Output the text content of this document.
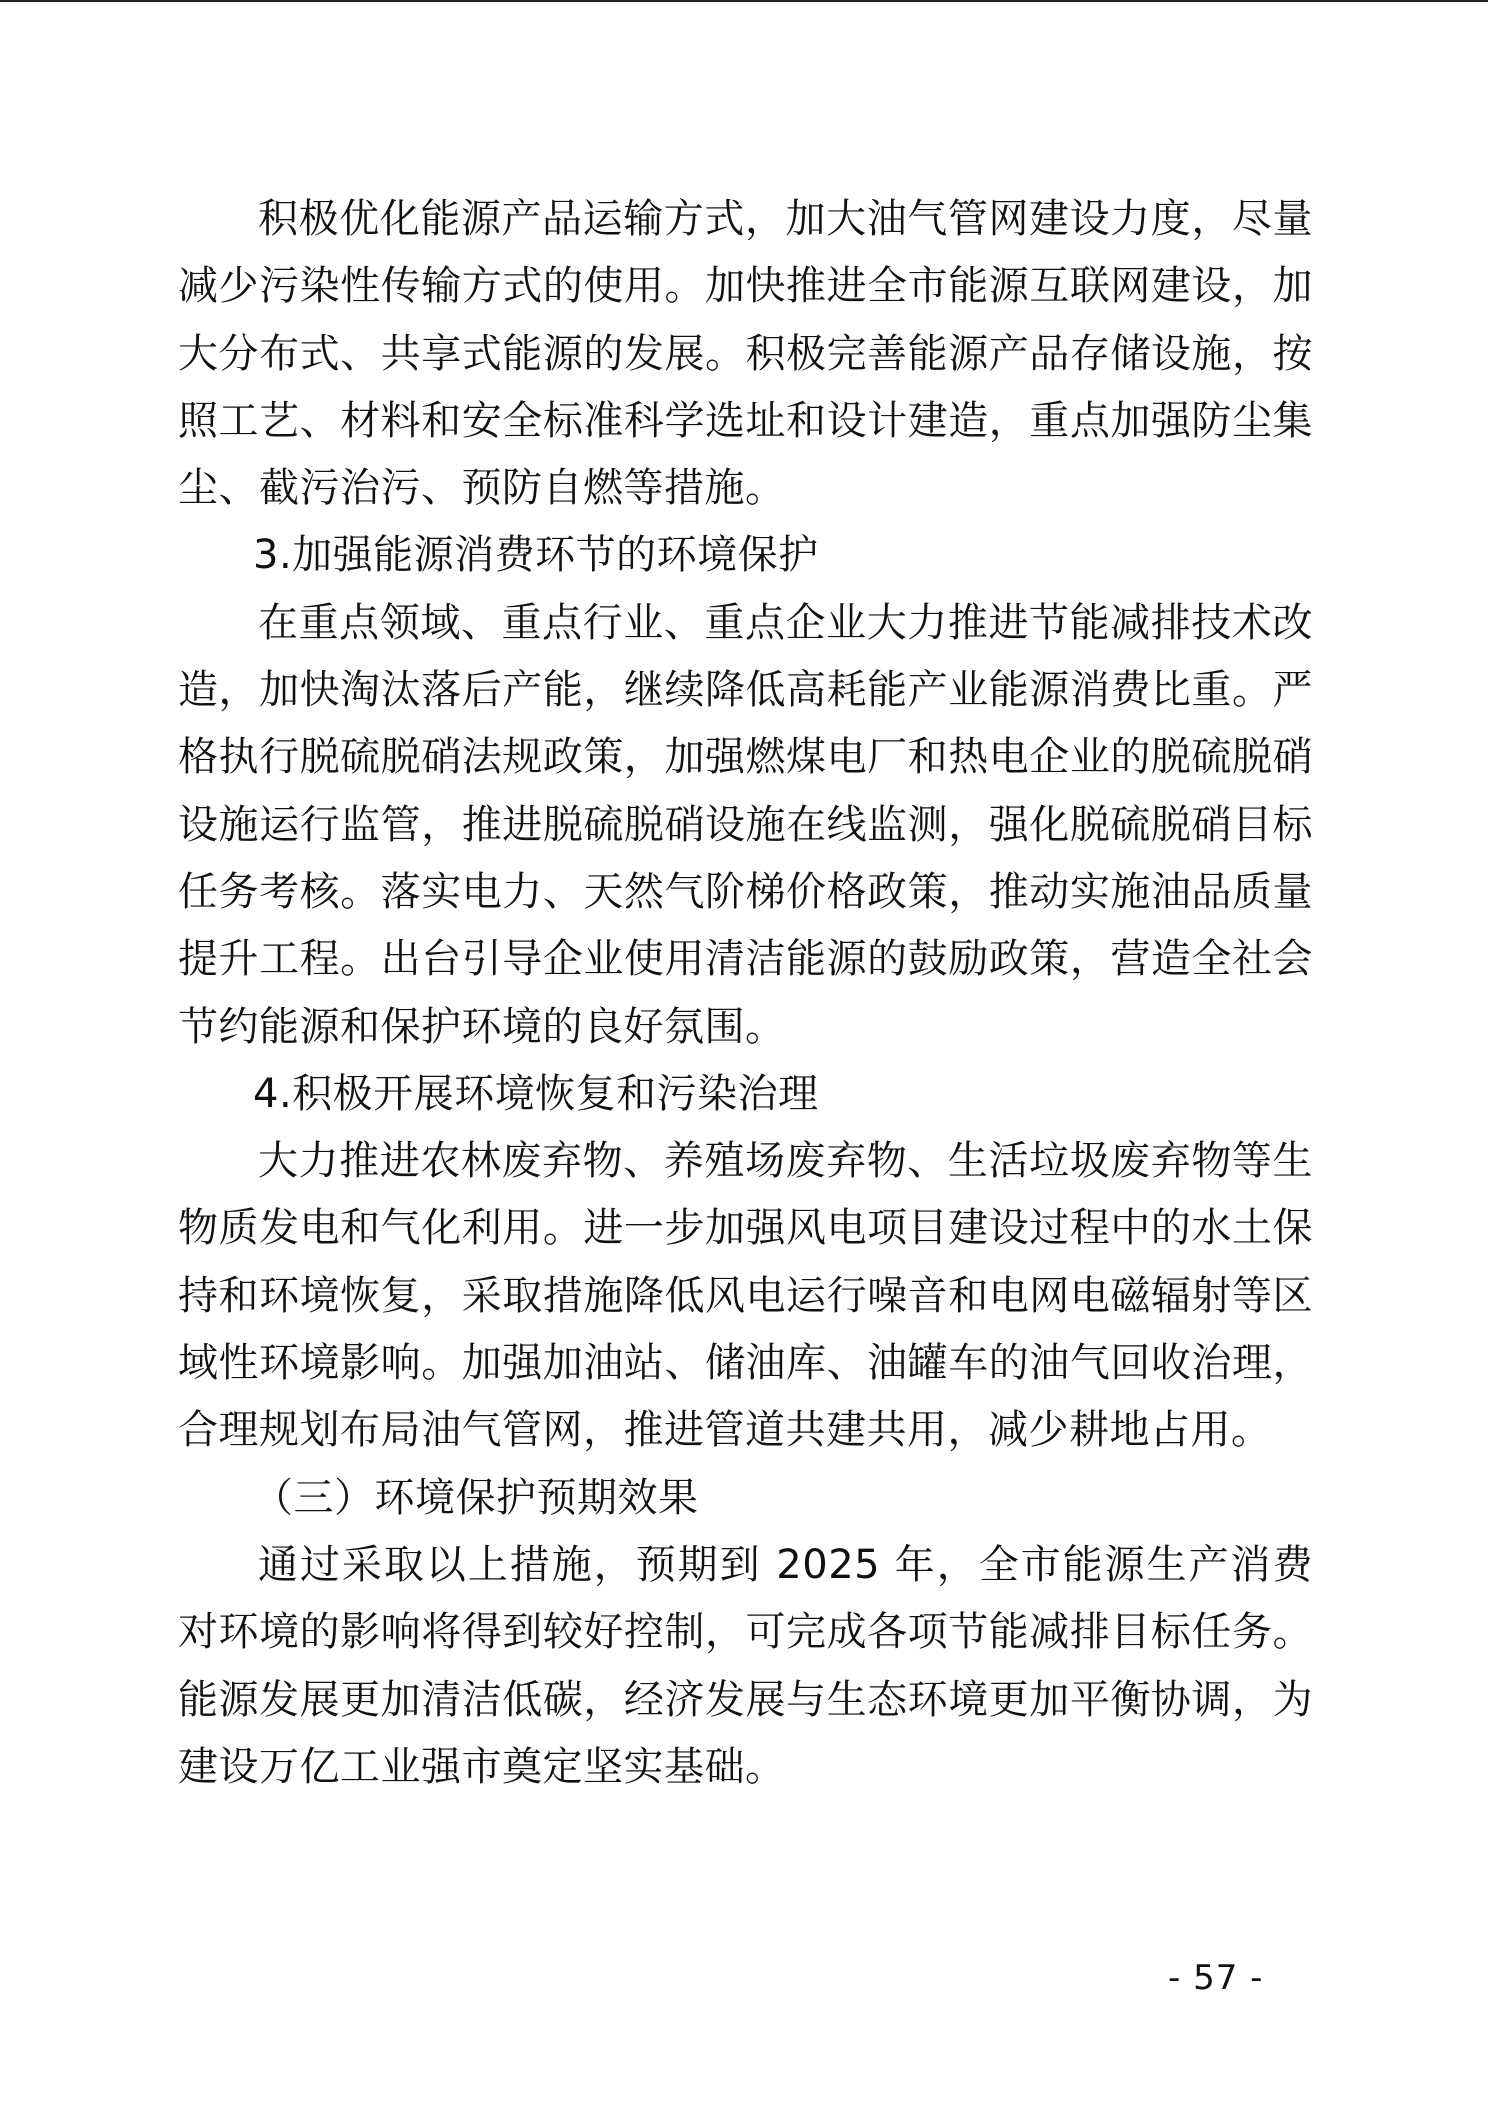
积极优化能源产品运输方式，加大油气管网建设力度，尽量减少污染性传输方式的使用。加快推进全市能源互联网建设，加大分布式、共享式能源的发展。积极完善能源产品存储设施，按照工艺、材料和安全标准科学选址和设计建造，重点加强防尘集尘、截污治污、预防自燃等措施。

3.加强能源消费环节的环境保护

在重点领域、重点行业、重点企业大力推进节能减排技术改造，加快淘汰落后产能，继续降低高耗能产业能源消费比重。严格执行脱硫脱硝法规政策，加强燃煤电厂和热电企业的脱硫脱硝设施运行监管，推进脱硫脱硝设施在线监测，强化脱硫脱硝目标任务考核。落实电力、天然气阶梯价格政策，推动实施油品质量提升工程。出台引导企业使用清洁能源的鼓励政策，营造全社会节约能源和保护环境的良好氛围。

4.积极开展环境恢复和污染治理

大力推进农林废弃物、养殖场废弃物、生活垃圾废弃物等生物质发电和气化利用。进一步加强风电项目建设过程中的水土保持和环境恢复，采取措施降低风电运行噪音和电网电磁辐射等区域性环境影响。加强加油站、储油库、油罐车的油气回收治理，合理规划布局油气管网，推进管道共建共用，减少耕地占用。

（三）环境保护预期效果

通过采取以上措施，预期到 2025 年，全市能源生产消费对环境的影响将得到较好控制，可完成各项节能减排目标任务。能源发展更加清洁低碳，经济发展与生态环境更加平衡协调，为建设万亿工业强市奠定坚实基础。

- 57 -
